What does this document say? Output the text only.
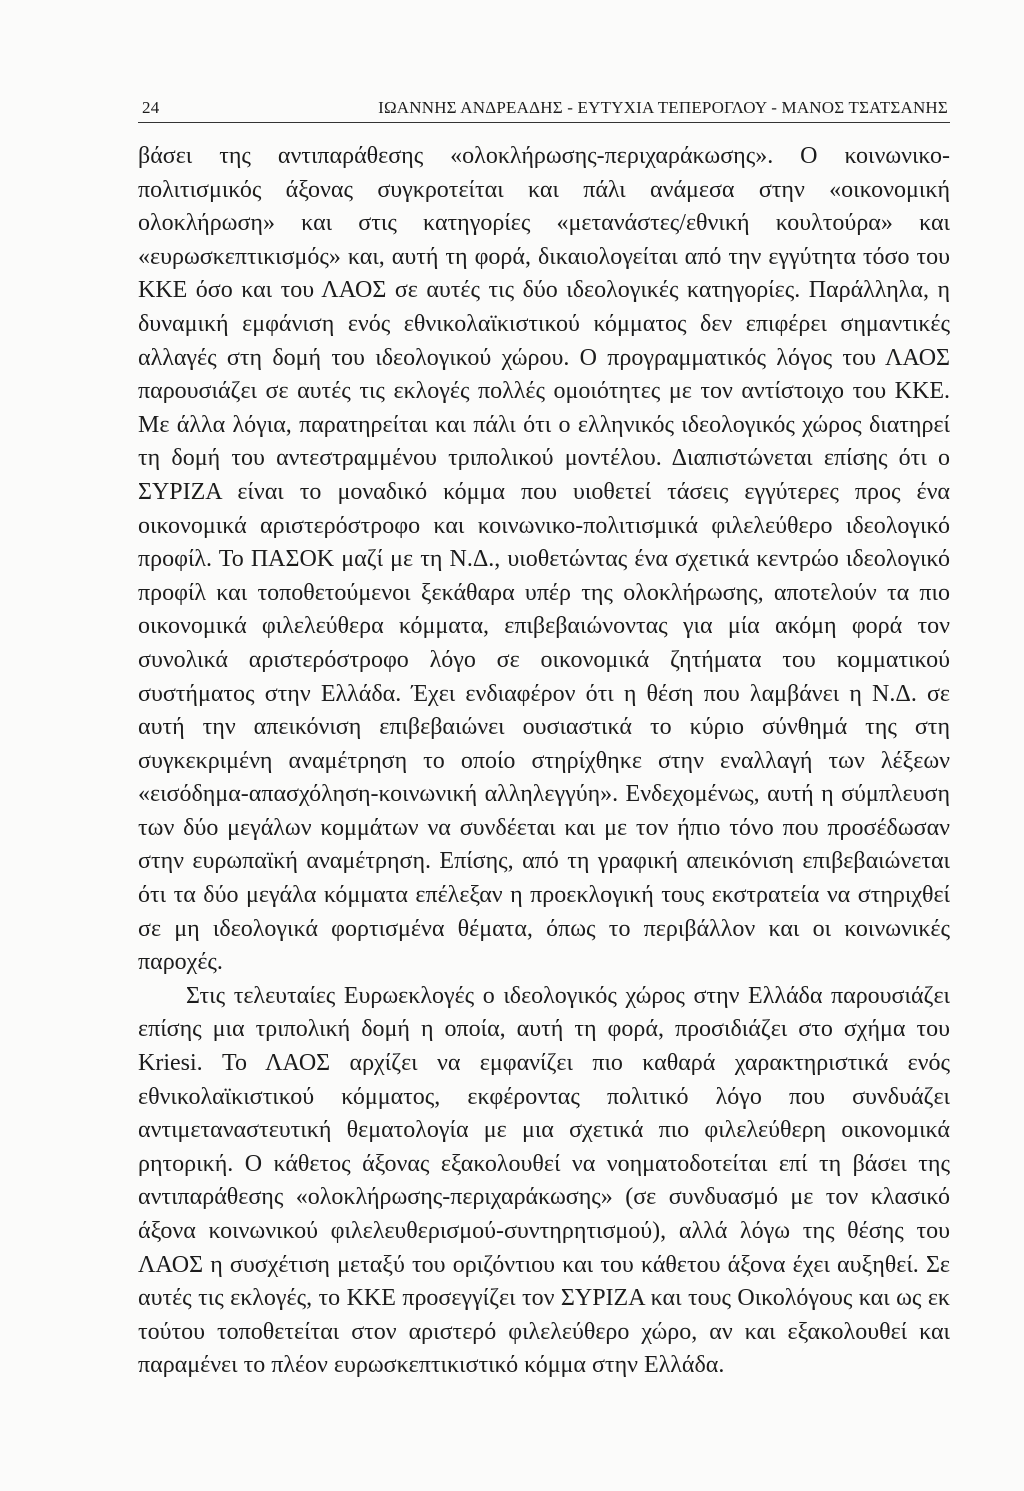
24	ΙΩΑΝΝΗΣ ΑΝΔΡΕΑΔΗΣ - ΕΥΤΥΧΙΑ ΤΕΠΕΡΟΓΛΟΥ - ΜΑΝΟΣ ΤΣΑΤΣΑΝΗΣ

βάσει της αντιπαράθεσης «ολοκλήρωσης-περιχαράκωσης». Ο κοινωνικο-πολιτισμικός άξονας συγκροτείται και πάλι ανάμεσα στην «οικονομική ολοκλήρωση» και στις κατηγορίες «μετανάστες/εθνική κουλτούρα» και «ευρωσκεπτικισμός» και, αυτή τη φορά, δικαιολογείται από την εγγύτητα τόσο του ΚΚΕ όσο και του ΛΑΟΣ σε αυτές τις δύο ιδεολογικές κατηγορίες. Παράλληλα, η δυναμική εμφάνιση ενός εθνικολαϊκιστικού κόμματος δεν επιφέρει σημαντικές αλλαγές στη δομή του ιδεολογικού χώρου. Ο προγραμματικός λόγος του ΛΑΟΣ παρουσιάζει σε αυτές τις εκλογές πολλές ομοιότητες με τον αντίστοιχο του ΚΚΕ. Με άλλα λόγια, παρατηρείται και πάλι ότι ο ελληνικός ιδεολογικός χώρος διατηρεί τη δομή του αντεστραμμένου τριπολικού μοντέλου. Διαπιστώνεται επίσης ότι ο ΣΥΡΙΖΑ είναι το μοναδικό κόμμα που υιοθετεί τάσεις εγγύτερες προς ένα οικονομικά αριστερόστροφο και κοινωνικο-πολιτισμικά φιλελεύθερο ιδεολογικό προφίλ. Το ΠΑΣΟΚ μαζί με τη Ν.Δ., υιοθετώντας ένα σχετικά κεντρώο ιδεολογικό προφίλ και τοποθετούμενοι ξεκάθαρα υπέρ της ολοκλήρωσης, αποτελούν τα πιο οικονομικά φιλελεύθερα κόμματα, επιβεβαιώνοντας για μία ακόμη φορά τον συνολικά αριστερόστροφο λόγο σε οικονομικά ζητήματα του κομματικού συστήματος στην Ελλάδα. Έχει ενδιαφέρον ότι η θέση που λαμβάνει η Ν.Δ. σε αυτή την απεικόνιση επιβεβαιώνει ουσιαστικά το κύριο σύνθημά της στη συγκεκριμένη αναμέτρηση το οποίο στηρίχθηκε στην εναλλαγή των λέξεων «εισόδημα-απασχόληση-κοινωνική αλληλεγγύη». Ενδεχομένως, αυτή η σύμπλευση των δύο μεγάλων κομμάτων να συνδέεται και με τον ήπιο τόνο που προσέδωσαν στην ευρωπαϊκή αναμέτρηση. Επίσης, από τη γραφική απεικόνιση επιβεβαιώνεται ότι τα δύο μεγάλα κόμματα επέλεξαν η προεκλογική τους εκστρατεία να στηριχθεί σε μη ιδεολογικά φορτισμένα θέματα, όπως το περιβάλλον και οι κοινωνικές παροχές.

Στις τελευταίες Ευρωεκλογές ο ιδεολογικός χώρος στην Ελλάδα παρουσιάζει επίσης μια τριπολική δομή η οποία, αυτή τη φορά, προσιδιάζει στο σχήμα του Kriesi. Το ΛΑΟΣ αρχίζει να εμφανίζει πιο καθαρά χαρακτηριστικά ενός εθνικολαϊκιστικού κόμματος, εκφέροντας πολιτικό λόγο που συνδυάζει αντιμεταναστευτική θεματολογία με μια σχετικά πιο φιλελεύθερη οικονομικά ρητορική. Ο κάθετος άξονας εξακολουθεί να νοηματοδοτείται επί τη βάσει της αντιπαράθεσης «ολοκλήρωσης-περιχαράκωσης» (σε συνδυασμό με τον κλασικό άξονα κοινωνικού φιλελευθερισμού-συντηρητισμού), αλλά λόγω της θέσης του ΛΑΟΣ η συσχέτιση μεταξύ του οριζόντιου και του κάθετου άξονα έχει αυξηθεί. Σε αυτές τις εκλογές, το ΚΚΕ προσεγγίζει τον ΣΥΡΙΖΑ και τους Οικολόγους και ως εκ τούτου τοποθετείται στον αριστερό φιλελεύθερο χώρο, αν και εξακολουθεί και παραμένει το πλέον ευρωσκεπτικιστικό κόμμα στην Ελλάδα.
